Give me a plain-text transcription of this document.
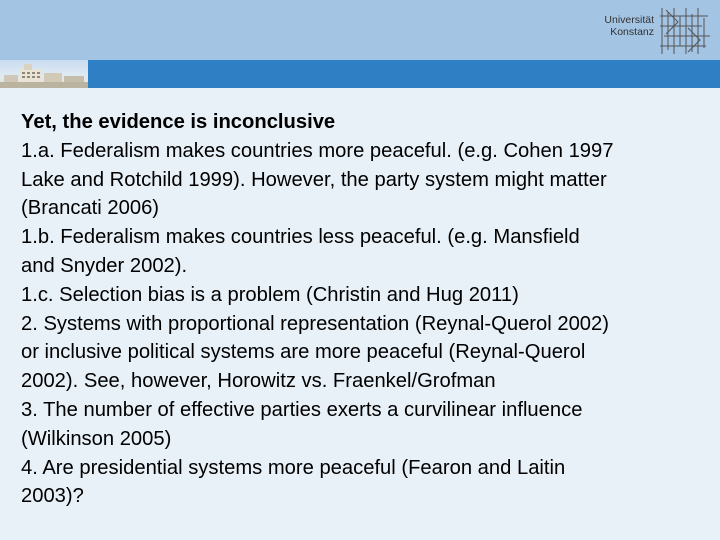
Universität
Konstanz
Yet, the evidence is inconclusive
1.a. Federalism makes countries more peaceful. (e.g. Cohen 1997
Lake and Rotchild 1999). However, the party system might matter
(Brancati 2006)
1.b. Federalism makes countries less peaceful. (e.g. Mansfield
and Snyder 2002).
1.c. Selection bias is a problem (Christin and Hug 2011)
2. Systems with proportional representation (Reynal-Querol 2002)
or inclusive political systems are more peaceful (Reynal-Querol
2002). See, however, Horowitz vs. Fraenkel/Grofman
3. The number of effective parties exerts a curvilinear influence
(Wilkinson 2005)
4. Are presidential systems more peaceful (Fearon and Laitin
2003)?
